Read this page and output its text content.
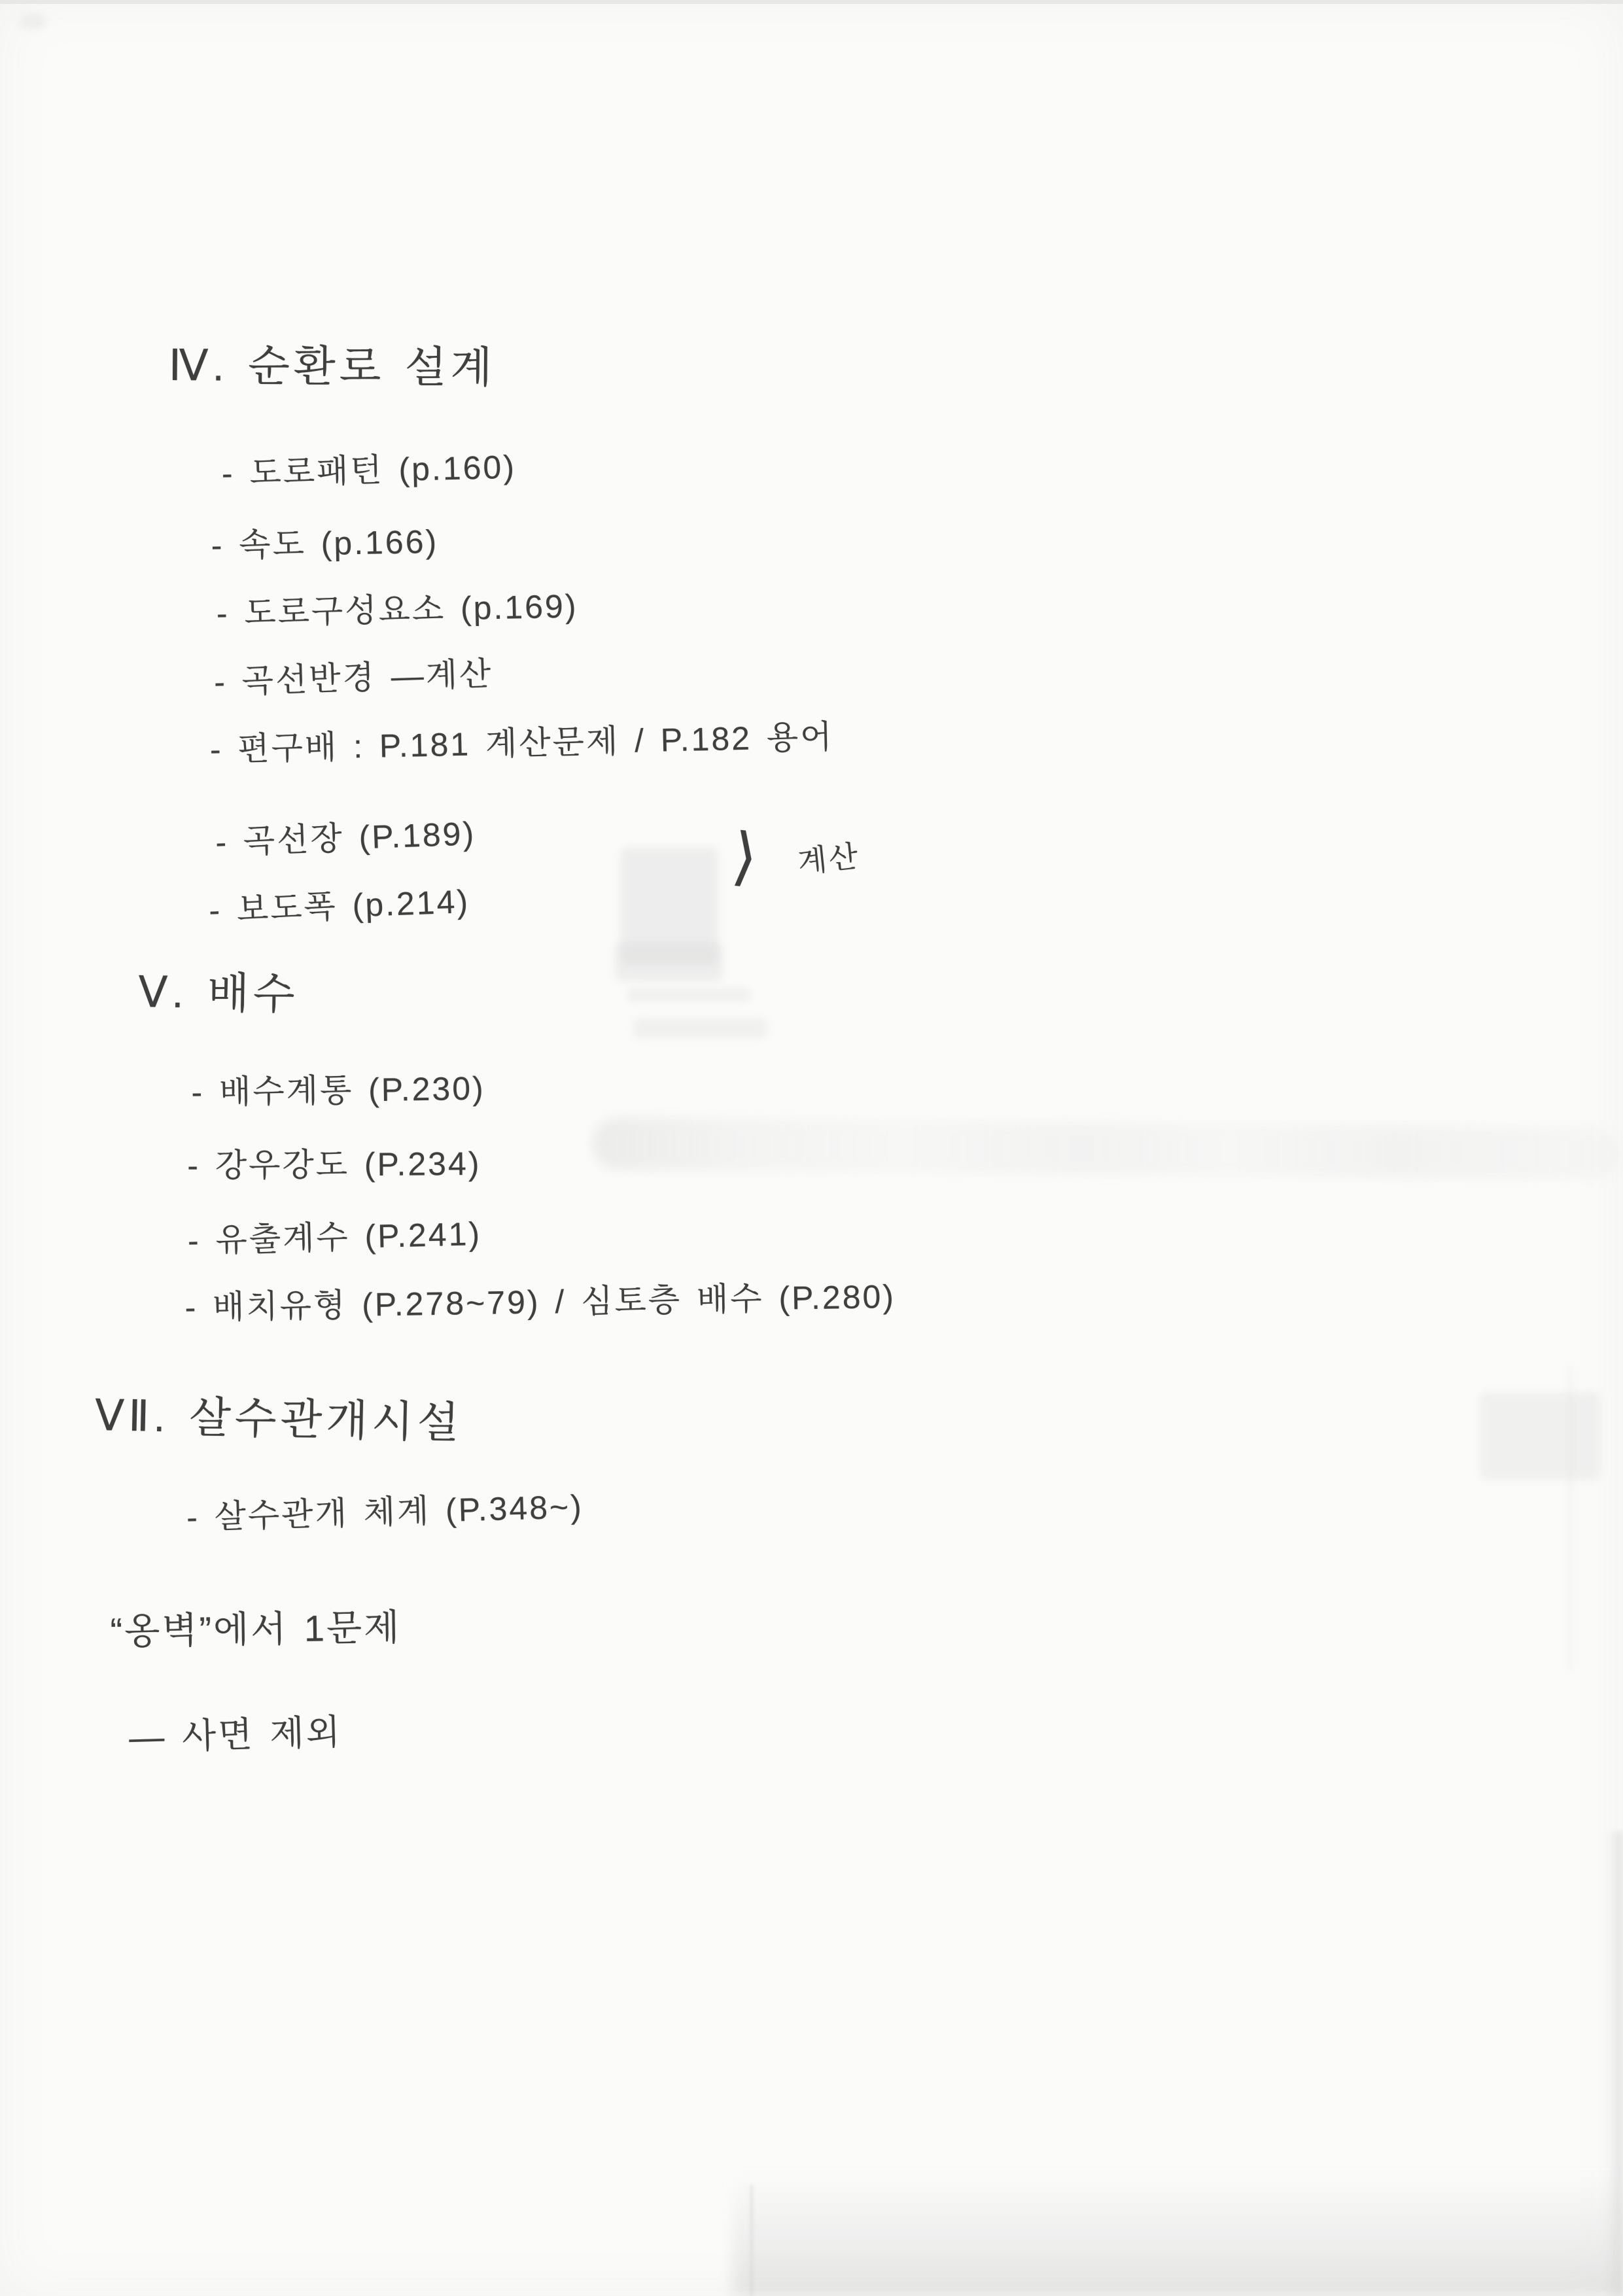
Ⅳ. 순환로 설계
- 도로패턴 (p.160)
- 속도 (p.166)
- 도로구성요소 (p.169)
- 곡선반경 ―계산
- 편구배 : P.181 계산문제 / P.182 용어
- 곡선장 (P.189)
- 보도폭 (p.214)
⟩ 계산
Ⅴ. 배수
- 배수계통 (P.230)
- 강우강도 (P.234)
- 유출계수 (P.241)
- 배치유형 (P.278~79) / 심토층 배수 (P.280)
ⅤⅡ. 살수관개시설
- 살수관개 체계 (P.348~)
“옹벽”에서 1문제
― 사면 제외
